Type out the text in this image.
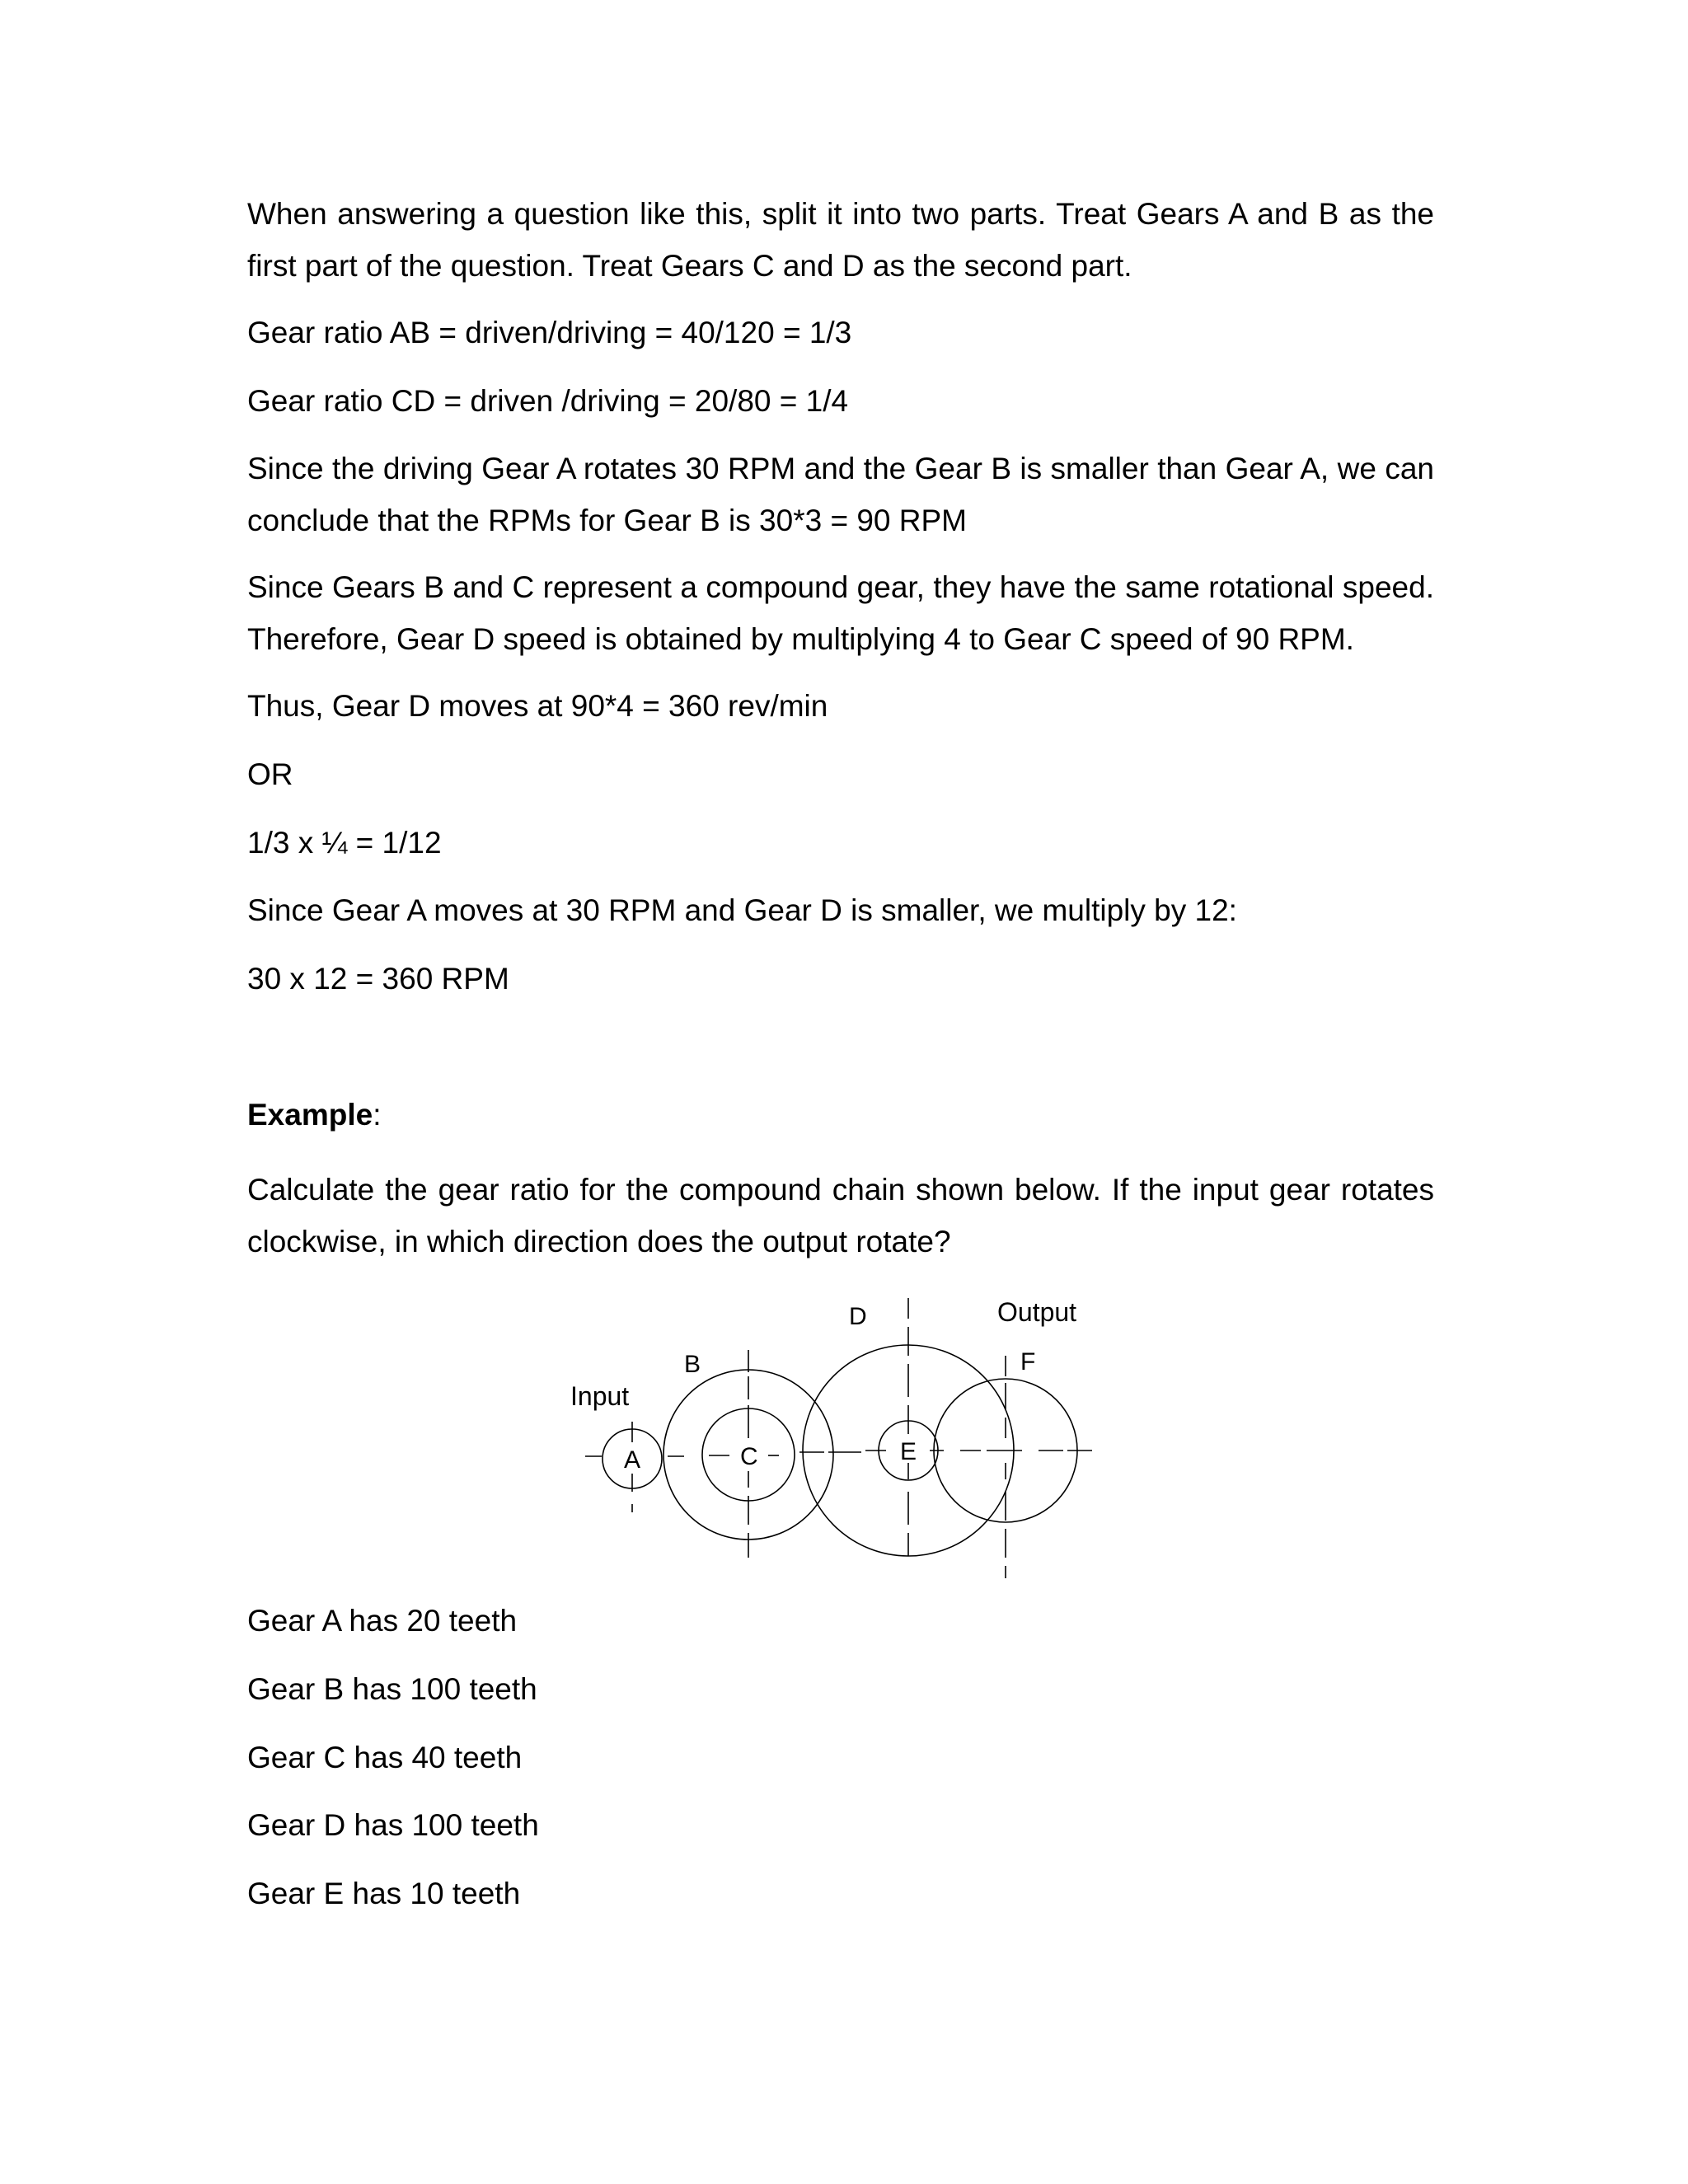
When answering a question like this, split it into two parts. Treat Gears A and B as the first part of the question. Treat Gears C and D as the second part.

Gear ratio AB = driven/driving = 40/120 = 1/3

Gear ratio CD = driven /driving = 20/80 = 1/4

Since the driving Gear A rotates 30 RPM and the Gear B is smaller than Gear A, we can conclude that the RPMs for Gear B is 30*3 = 90 RPM

Since Gears B and C represent a compound gear, they have the same rotational speed. Therefore, Gear D speed is obtained by multiplying 4 to Gear C speed of 90 RPM.

Thus, Gear D moves at 90*4 = 360 rev/min

OR

1/3 x ¼ = 1/12

Since Gear A moves at 30 RPM and Gear D is smaller, we multiply by 12:

30 x 12 = 360 RPM

Example:

Calculate the gear ratio for the compound chain shown below. If the input gear rotates clockwise, in which direction does the output rotate?

Input
Output
A
B
C
D
E
F

Gear A has 20 teeth

Gear B has 100 teeth

Gear C has 40 teeth

Gear D has 100 teeth

Gear E has 10 teeth
